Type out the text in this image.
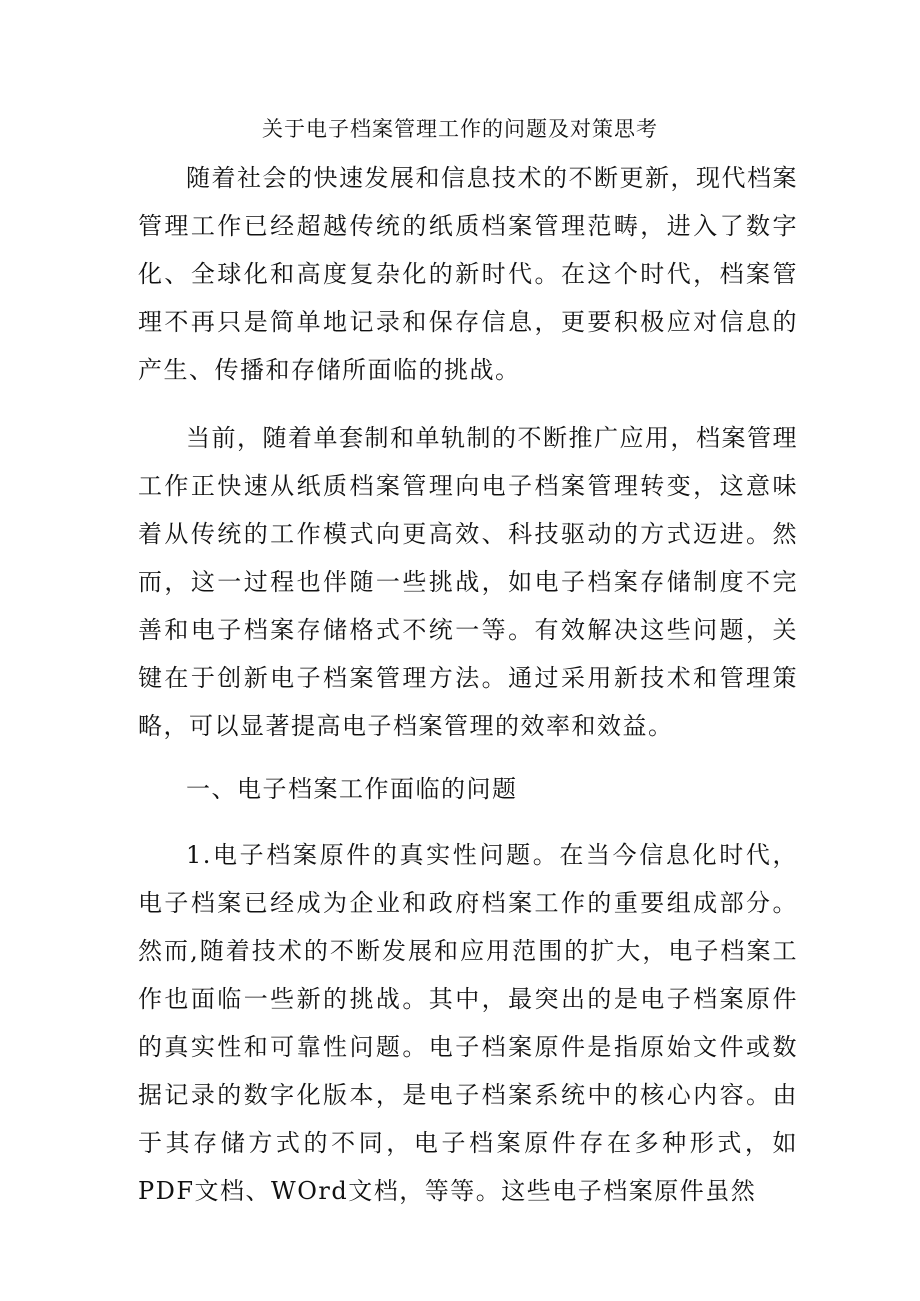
关于电子档案管理工作的问题及对策思考

随着社会的快速发展和信息技术的不断更新，现代档案管理工作已经超越传统的纸质档案管理范畴，进入了数字化、全球化和高度复杂化的新时代。在这个时代，档案管理不再只是简单地记录和保存信息，更要积极应对信息的产生、传播和存储所面临的挑战。

当前，随着单套制和单轨制的不断推广应用，档案管理工作正快速从纸质档案管理向电子档案管理转变，这意味着从传统的工作模式向更高效、科技驱动的方式迈进。然而，这一过程也伴随一些挑战，如电子档案存储制度不完善和电子档案存储格式不统一等。有效解决这些问题，关键在于创新电子档案管理方法。通过采用新技术和管理策略，可以显著提高电子档案管理的效率和效益。

一、电子档案工作面临的问题

1.电子档案原件的真实性问题。在当今信息化时代，电子档案已经成为企业和政府档案工作的重要组成部分。然而,随着技术的不断发展和应用范围的扩大，电子档案工作也面临一些新的挑战。其中，最突出的是电子档案原件的真实性和可靠性问题。电子档案原件是指原始文件或数据记录的数字化版本，是电子档案系统中的核心内容。由于其存储方式的不同，电子档案原件存在多种形式，如PDF文档、WOrd文档，等等。这些电子档案原件虽然
